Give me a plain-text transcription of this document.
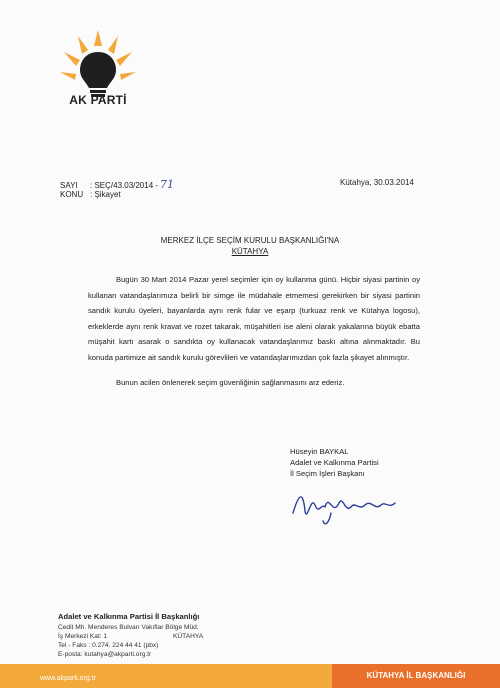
AK PARTİ
SAYI : SEÇ/43.03/2014 - 71
KONU : Şikayet
Kütahya, 30.03.2014
MERKEZ İLÇE SEÇİM KURULU BAŞKANLIĞI'NA
KÜTAHYA

Bugün 30 Mart 2014 Pazar yerel seçimler için oy kullanma günü. Hiçbir siyasi partinin oy kullanan vatandaşlarımıza belirli bir simge ile müdahale etmemesi gerekirken bir siyasi partinin sandık kurulu üyeleri, bayanlarda aynı renk fular ve eşarp (turkuaz renk ve Kütahya logosu), erkeklerde aynı renk kravat ve rozet takarak, müşahitleri ise aleni olarak yakalarına büyük ebatta müşahit kartı asarak o sandıkta oy kullanacak vatandaşlarımız baskı altına alınmaktadır. Bu konuda partimize ait sandık kurulu görevlileri ve vatandaşlarımızdan çok fazla şikayet alınmıştır.

Bunun acilen önlenerek seçim güvenliğinin sağlanmasını arz ederiz.

Hüseyin BAYKAL
Adalet ve Kalkınma Partisi
İl Seçim İşleri Başkanı
Adalet ve Kalkınma Partisi İl Başkanlığı
Cedit Mh. Menderes Bulvarı Vakıflar Bölge Müd.
İş Merkezi Kat: 1	KÜTAHYA
Tel - Faks : 0.274. 224 44 41 (pbx)
E-posta: kutahya@akparti.org.tr
www.akparti.org.tr	KÜTAHYA İL BAŞKANLIĞI
